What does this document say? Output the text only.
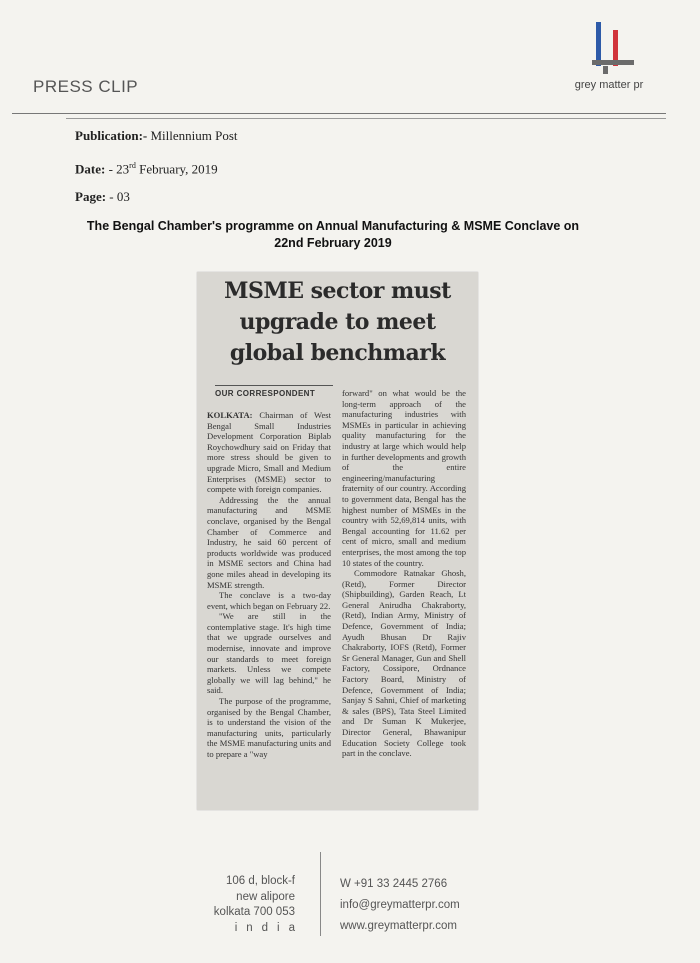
PRESS CLIP	grey matter pr
Publication:- Millennium Post
Date: - 23rd February, 2019
Page: - 03
The Bengal Chamber's programme on Annual Manufacturing & MSME Conclave on
22nd February 2019
MSME sector must
upgrade to meet
global benchmark
OUR CORRESPONDENT

KOLKATA: Chairman of West Bengal Small Industries Development Corporation Biplab Roychowdhury said on Friday that more stress should be given to upgrade Micro, Small and Medium Enterprises (MSME) sector to compete with foreign companies.

Addressing the the annual manufacturing and MSME conclave, organised by the Bengal Chamber of Commerce and Industry, he said 60 percent of products worldwide was produced in MSME sectors and China had gone miles ahead in developing its MSME strength.

The conclave is a two-day event, which began on February 22.

"We are still in the contemplative stage. It's high time that we upgrade ourselves and modernise, innovate and improve our standards to meet foreign markets. Unless we compete globally we will lag behind," he said.

The purpose of the programme, organised by the Bengal Chamber, is to understand the vision of the manufacturing units, particularly the MSME manufacturing units and to prepare a "way

forward" on what would be the long-term approach of the manufacturing industries with MSMEs in particular in achieving quality manufacturing for the industry at large which would help in further developments and growth of the entire engineering/manufacturing fraternity of our country. According to government data, Bengal has the highest number of MSMEs in the country with 52,69,814 units, with Bengal accounting for 11.62 per cent of micro, small and medium enterprises, the most among the top 10 states of the country.

Commodore Ratnakar Ghosh, (Retd), Former Director (Shipbuilding), Garden Reach, Lt General Anirudha Chakraborty, (Retd), Indian Army, Ministry of Defence, Government of India; Ayudh Bhusan Dr Rajiv Chakraborty, IOFS (Retd), Former Sr General Manager, Gun and Shell Factory, Cossipore, Ordnance Factory Board, Ministry of Defence, Government of India; Sanjay S Sahni, Chief of marketing & sales (BPS), Tata Steel Limited and Dr Suman K Mukerjee, Director General, Bhawanipur Education Society College took part in the conclave.

106 d, block-f
new alipore
kolkata 700 053
india
W +91 33 2445 2766
info@greymatterpr.com
www.greymatterpr.com
